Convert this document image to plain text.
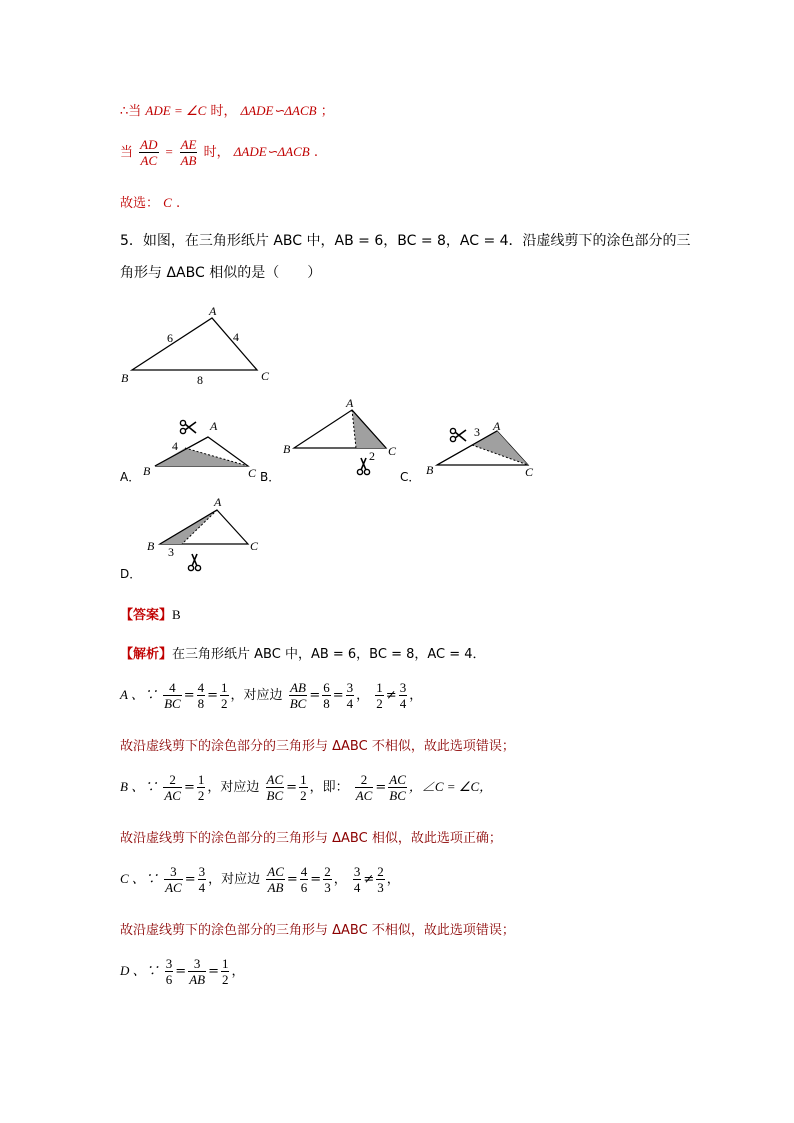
∴当 ADE = ∠C 时， ΔADE∽ΔACB ；
当 $\frac{AD}{AC} = \frac{AE}{AB}$ 时， ΔADE∽ΔACB .
故选： C .
5．如图，在三角形纸片 ABC 中，AB = 6，BC = 8，AC = 4．沿虚线剪下的涂色部分的三
角形与 ΔABC 相似的是（　　）
A
B	C
6	4
8
A．
A
B	C
4
B．
A
B	C
2
C．
A
B	C
3
A
B	C
3
D．
【答案】B
【解析】在三角形纸片 ABC 中，AB = 6，BC = 8，AC = 4．
A 、∵ $\frac{4}{BC} = \frac{4}{8} = \frac{1}{2}$ ，对应边 $\frac{AB}{BC} = \frac{6}{8} = \frac{3}{4}$ ， $\frac{1}{2} \ne \frac{3}{4}$ ，
故沿虚线剪下的涂色部分的三角形与 ΔABC 不相似，故此选项错误；
B 、∵ $\frac{2}{AC} = \frac{1}{2}$ ，对应边 $\frac{AC}{BC} = \frac{1}{2}$ ，即： $\frac{2}{AC} = \frac{AC}{BC}$ ，∠C = ∠C，
故沿虚线剪下的涂色部分的三角形与 ΔABC 相似，故此选项正确；
C 、∵ $\frac{3}{AC} = \frac{3}{4}$ ，对应边 $\frac{AC}{AB} = \frac{4}{6} = \frac{2}{3}$ ， $\frac{3}{4} \ne \frac{2}{3}$ ，
故沿虚线剪下的涂色部分的三角形与 ΔABC 不相似，故此选项错误；
D 、∵ $\frac{3}{6} = \frac{3}{AB} = \frac{1}{2}$ ，
